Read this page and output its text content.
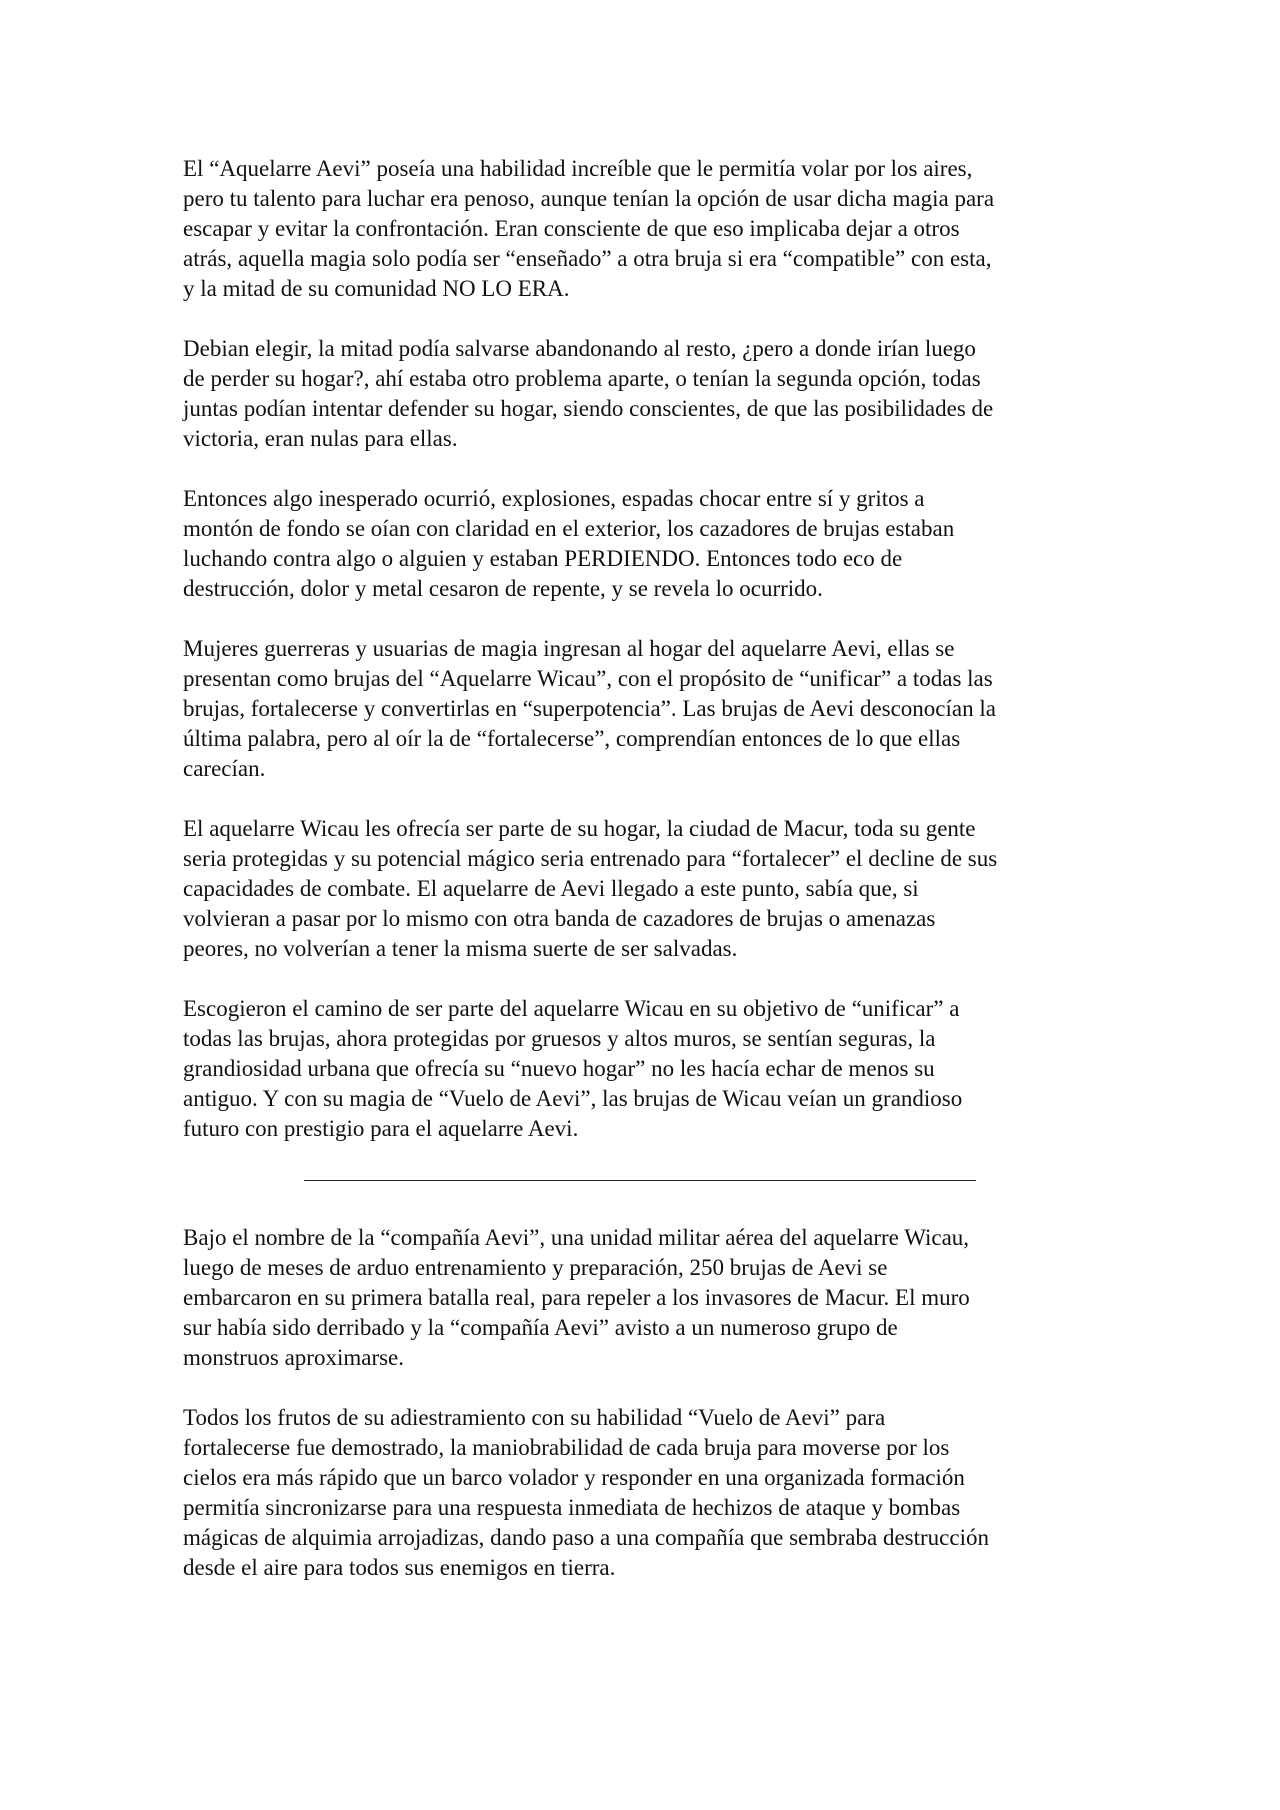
El “Aquelarre Aevi” poseía una habilidad increíble que le permitía volar por los aires,
pero tu talento para luchar era penoso, aunque tenían la opción de usar dicha magia para
escapar y evitar la confrontación. Eran consciente de que eso implicaba dejar a otros
atrás, aquella magia solo podía ser “enseñado” a otra bruja si era “compatible” con esta,
y la mitad de su comunidad NO LO ERA.

Debian elegir, la mitad podía salvarse abandonando al resto, ¿pero a donde irían luego
de perder su hogar?, ahí estaba otro problema aparte, o tenían la segunda opción, todas
juntas podían intentar defender su hogar, siendo conscientes, de que las posibilidades de
victoria, eran nulas para ellas.

Entonces algo inesperado ocurrió, explosiones, espadas chocar entre sí y gritos a
montón de fondo se oían con claridad en el exterior, los cazadores de brujas estaban
luchando contra algo o alguien y estaban PERDIENDO. Entonces todo eco de
destrucción, dolor y metal cesaron de repente, y se revela lo ocurrido.

Mujeres guerreras y usuarias de magia ingresan al hogar del aquelarre Aevi, ellas se
presentan como brujas del “Aquelarre Wicau”, con el propósito de “unificar” a todas las
brujas, fortalecerse y convertirlas en “superpotencia”. Las brujas de Aevi desconocían la
última palabra, pero al oír la de “fortalecerse”, comprendían entonces de lo que ellas
carecían.

El aquelarre Wicau les ofrecía ser parte de su hogar, la ciudad de Macur, toda su gente
seria protegidas y su potencial mágico seria entrenado para “fortalecer” el decline de sus
capacidades de combate. El aquelarre de Aevi llegado a este punto, sabía que, si
volvieran a pasar por lo mismo con otra banda de cazadores de brujas o amenazas
peores, no volverían a tener la misma suerte de ser salvadas.

Escogieron el camino de ser parte del aquelarre Wicau en su objetivo de “unificar” a
todas las brujas, ahora protegidas por gruesos y altos muros, se sentían seguras, la
grandiosidad urbana que ofrecía su “nuevo hogar” no les hacía echar de menos su
antiguo. Y con su magia de “Vuelo de Aevi”, las brujas de Wicau veían un grandioso
futuro con prestigio para el aquelarre Aevi.

Bajo el nombre de la “compañía Aevi”, una unidad militar aérea del aquelarre Wicau,
luego de meses de arduo entrenamiento y preparación, 250 brujas de Aevi se
embarcaron en su primera batalla real, para repeler a los invasores de Macur. El muro
sur había sido derribado y la “compañía Aevi” avisto a un numeroso grupo de
monstruos aproximarse.

Todos los frutos de su adiestramiento con su habilidad “Vuelo de Aevi” para
fortalecerse fue demostrado, la maniobrabilidad de cada bruja para moverse por los
cielos era más rápido que un barco volador y responder en una organizada formación
permitía sincronizarse para una respuesta inmediata de hechizos de ataque y bombas
mágicas de alquimia arrojadizas, dando paso a una compañía que sembraba destrucción
desde el aire para todos sus enemigos en tierra.
